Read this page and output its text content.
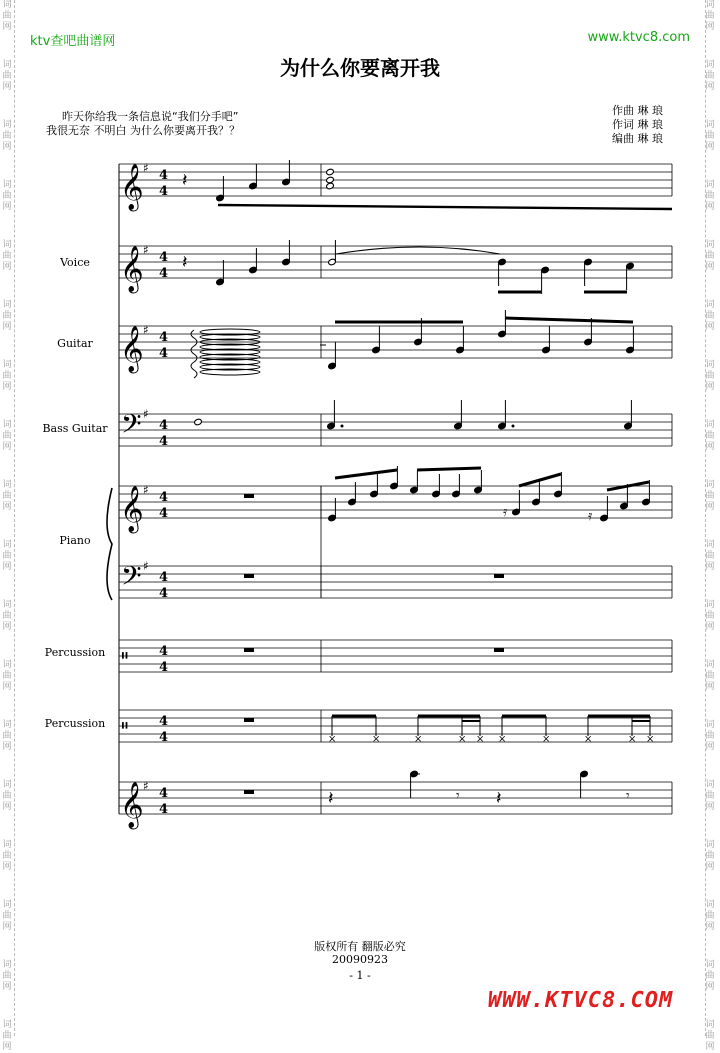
词
曲
网
词
曲
网
词
曲
网
词
曲
网
词
曲
网
词
曲
网
词
曲
网
词
曲
网
词
曲
网
词
曲
网
词
曲
网
词
曲
网
词
曲
网
词
曲
网
词
曲
网
词
曲
网
词
曲
网
词
曲
网
词
曲
网
词
曲
网
词
曲
网
词
曲
网
词
曲
网
词
曲
网
词
曲
网
词
曲
网
词
曲
网
词
曲
网
词
曲
网
词
曲
网
词
曲
网
词
曲
网
词
曲
网
词
曲
网
词
曲
网
词
曲
网
ktv查吧曲谱网	www.ktvc8.com
为什么你要离开我
昨天你给我一条信息说“我们分手吧”
我很无奈 不明白 为什么你要离开我？？
作曲 琳 琅
作词 琳 琅
编曲 琳 琅
Voice
Guitar
Bass Guitar
Piano
Percussion
Percussion
𝄞 ♯ 4
4
𝄽
𝄞 ♯ 4
4
𝄽
𝄞 ♯ 4
4
𝄢 ♯
4
4
𝄞 ♯ 4
4	𝄿	𝄿
𝄢 ♯
4
4
𝄥 4
4
𝄥 4
4	×	×	×	× × ×	×	×	× ×
𝄞 ♯ 4
4
𝄽	𝄽
𝄾	𝄾
版权所有 翻版必究
20090923
- 1 -
WWW.KTVC8.COM
